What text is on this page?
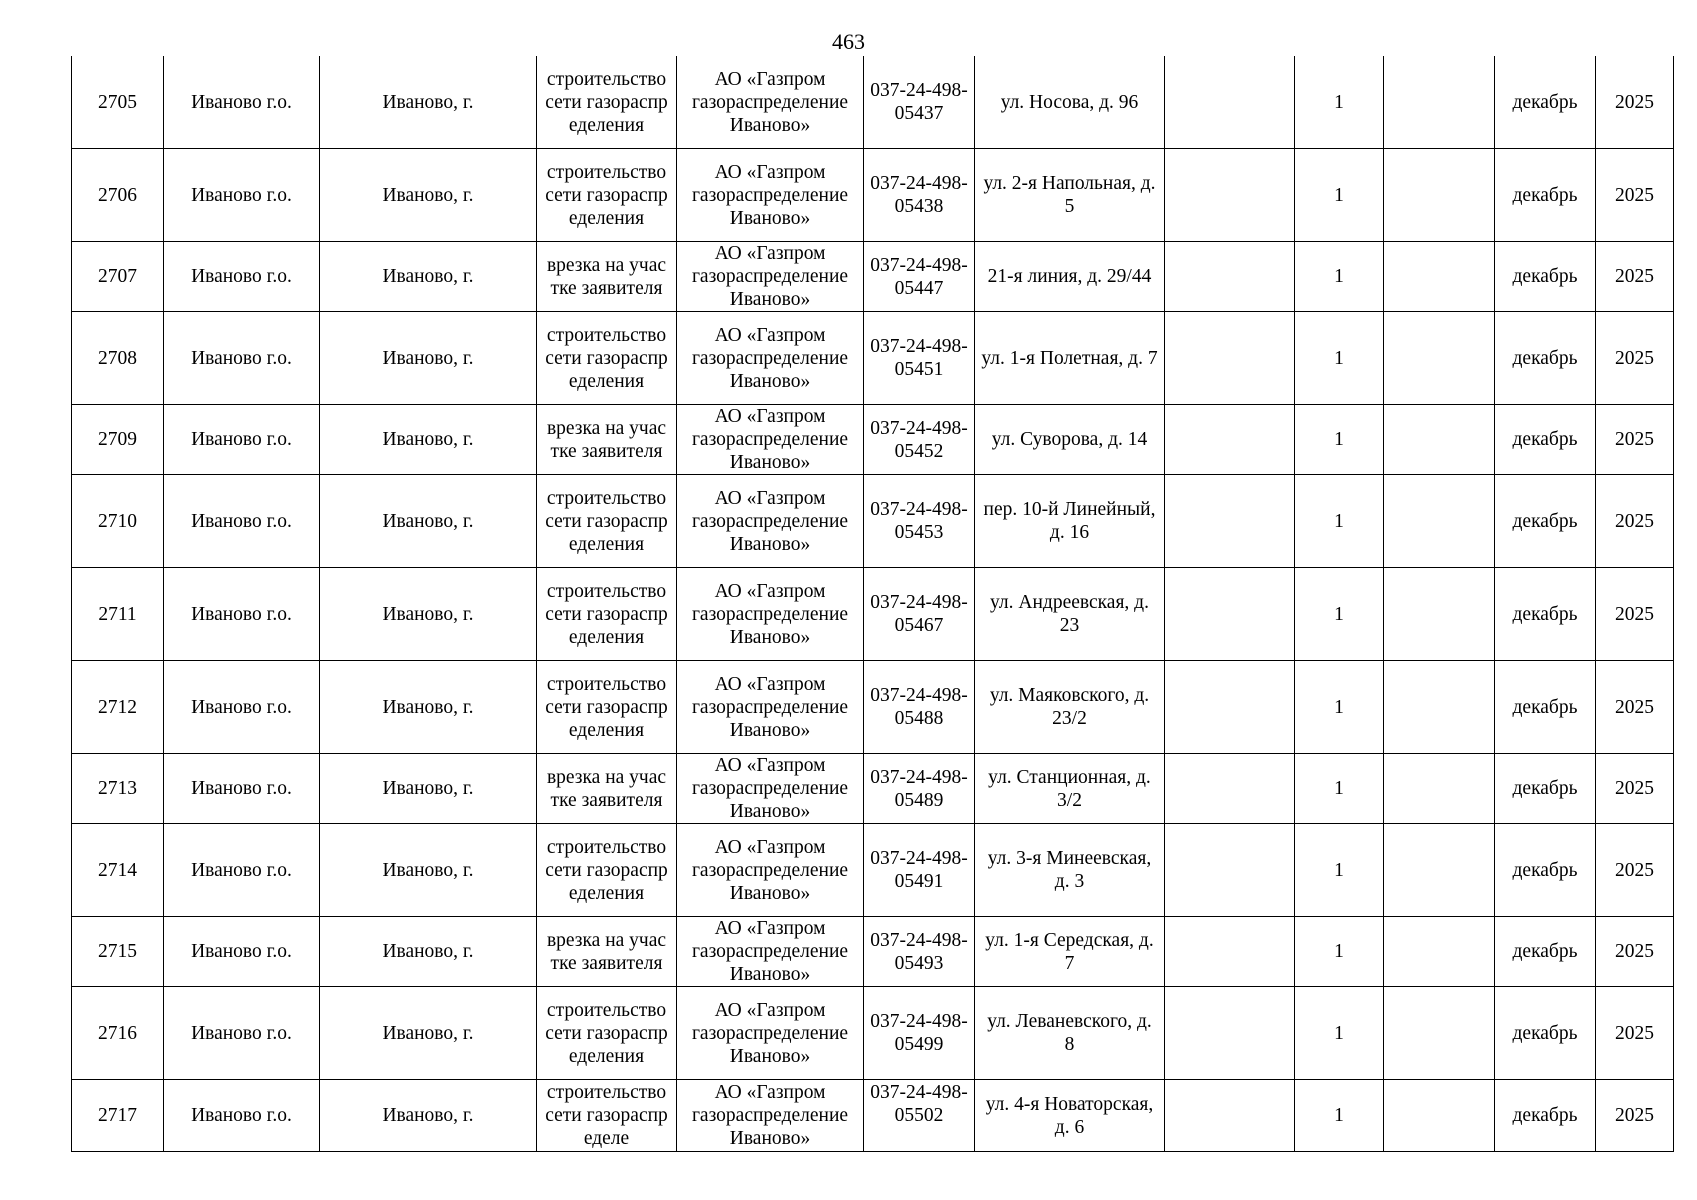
463
2705	Иваново г.о.	Иваново, г.	строительство сети газораспределения	АО «Газпром газораспределение Иваново»	037-24-498-05437	ул. Носова, д. 96		1		декабрь	2025
2706	Иваново г.о.	Иваново, г.	строительство сети газораспределения	АО «Газпром газораспределение Иваново»	037-24-498-05438	ул. 2-я Напольная, д. 5		1		декабрь	2025
2707	Иваново г.о.	Иваново, г.	врезка на участке заявителя	АО «Газпром газораспределение Иваново»	037-24-498-05447	21-я линия, д. 29/44		1		декабрь	2025
2708	Иваново г.о.	Иваново, г.	строительство сети газораспределения	АО «Газпром газораспределение Иваново»	037-24-498-05451	ул. 1-я Полетная, д. 7		1		декабрь	2025
2709	Иваново г.о.	Иваново, г.	врезка на участке заявителя	АО «Газпром газораспределение Иваново»	037-24-498-05452	ул. Суворова, д. 14		1		декабрь	2025
2710	Иваново г.о.	Иваново, г.	строительство сети газораспределения	АО «Газпром газораспределение Иваново»	037-24-498-05453	пер. 10-й Линейный, д. 16		1		декабрь	2025
2711	Иваново г.о.	Иваново, г.	строительство сети газораспределения	АО «Газпром газораспределение Иваново»	037-24-498-05467	ул. Андреевская, д. 23		1		декабрь	2025
2712	Иваново г.о.	Иваново, г.	строительство сети газораспределения	АО «Газпром газораспределение Иваново»	037-24-498-05488	ул. Маяковского, д. 23/2		1		декабрь	2025
2713	Иваново г.о.	Иваново, г.	врезка на участке заявителя	АО «Газпром газораспределение Иваново»	037-24-498-05489	ул. Станционная, д. 3/2		1		декабрь	2025
2714	Иваново г.о.	Иваново, г.	строительство сети газораспределения	АО «Газпром газораспределение Иваново»	037-24-498-05491	ул. 3-я Минеевская, д. 3		1		декабрь	2025
2715	Иваново г.о.	Иваново, г.	врезка на участке заявителя	АО «Газпром газораспределение Иваново»	037-24-498-05493	ул. 1-я Середская, д. 7		1		декабрь	2025
2716	Иваново г.о.	Иваново, г.	строительство сети газораспределения	АО «Газпром газораспределение Иваново»	037-24-498-05499	ул. Леваневского, д. 8		1		декабрь	2025
2717	Иваново г.о.	Иваново, г.	строительство сети газораспределе	АО «Газпром газораспределение Иваново»	037-24-498-05502	ул. 4-я Новаторская, д. 6		1		декабрь	2025
